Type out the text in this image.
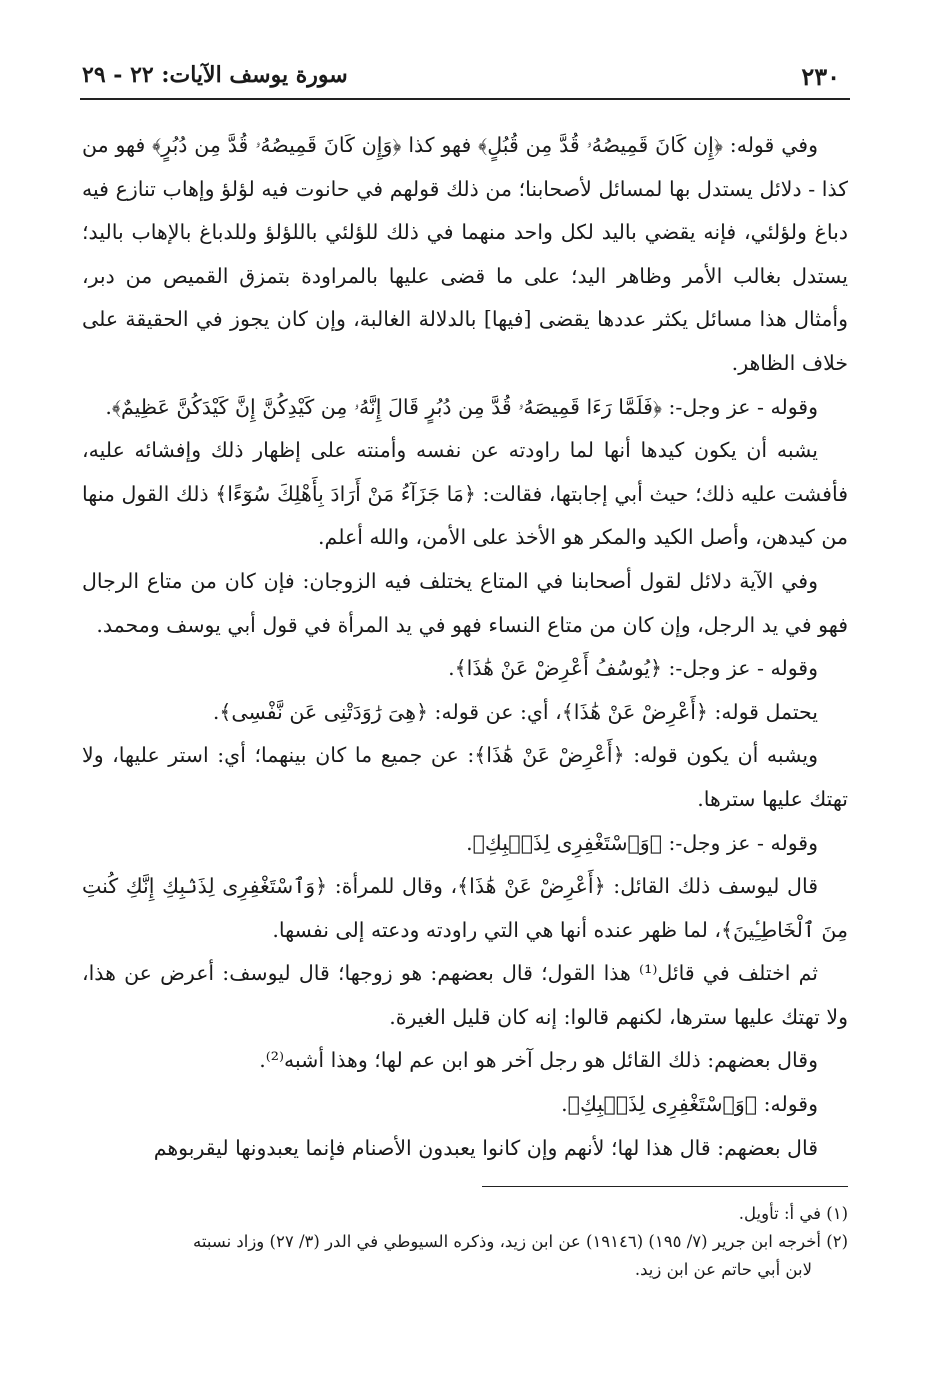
٢٣٠
سورة يوسف الآيات: ٢٢ - ٢٩

وفي قوله: ﴿إِن كَانَ قَمِيصُهُۥ قُدَّ مِن قُبُلٍ﴾ فهو كذا ﴿وَإِن كَانَ قَمِيصُهُۥ قُدَّ مِن دُبُرٍ﴾ فهو من كذا - دلائل يستدل بها لمسائل لأصحابنا؛ من ذلك قولهم في حانوت فيه لؤلؤ وإهاب تنازع فيه دباغ ولؤلئي، فإنه يقضي باليد لكل واحد منهما في ذلك للؤلئي باللؤلؤ وللدباغ بالإهاب باليد؛ يستدل بغالب الأمر وظاهر اليد؛ على ما قضى عليها بالمراودة بتمزق القميص من دبر، وأمثال هذا مسائل يكثر عددها يقضى [فيها] بالدلالة الغالبة، وإن كان يجوز في الحقيقة على خلاف الظاهر.

وقوله - عز وجل-: ﴿فَلَمَّا رَءَا قَمِيصَهُۥ قُدَّ مِن دُبُرٍ قَالَ إِنَّهُۥ مِن كَيْدِكُنَّ إِنَّ كَيْدَكُنَّ عَظِيمٌ﴾.

يشبه أن يكون كيدها أنها لما راودته عن نفسه وأمنته على إظهار ذلك وإفشائه عليه، فأفشت عليه ذلك؛ حيث أبي إجابتها، فقالت: ﴿مَا جَزَآءُ مَنْ أَرَادَ بِأَهْلِكَ سُوٓءًا﴾ ذلك القول منها من كيدهن، وأصل الكيد والمكر هو الأخذ على الأمن، والله أعلم.

وفي الآية دلائل لقول أصحابنا في المتاع يختلف فيه الزوجان: فإن كان من متاع الرجال فهو في يد الرجل، وإن كان من متاع النساء فهو في يد المرأة في قول أبي يوسف ومحمد.

وقوله - عز وجل-: ﴿يُوسُفُ أَعْرِضْ عَنْ هَٰذَا﴾.

يحتمل قوله: ﴿أَعْرِضْ عَنْ هَٰذَا﴾، أي: عن قوله: ﴿هِىَ رَٰوَدَتْنِى عَن نَّفْسِى﴾.

ويشبه أن يكون قوله: ﴿أَعْرِضْ عَنْ هَٰذَا﴾: عن جميع ما كان بينهما؛ أي: استر عليها، ولا تهتك عليها سترها.

وقوله - عز وجل-: ﴿وَٱسْتَغْفِرِى لِذَنۢبِكِ﴾.

قال ليوسف ذلك القائل: ﴿أَعْرِضْ عَنْ هَٰذَا﴾، وقال للمرأة: ﴿وَٱسْتَغْفِرِى لِذَنۢبِكِ إِنَّكِ كُنتِ مِنَ ٱلْخَاطِـِٔينَ﴾، لما ظهر عنده أنها هي التي راودته ودعته إلى نفسها.

ثم اختلف في قائل⁽¹⁾ هذا القول؛ قال بعضهم: هو زوجها؛ قال ليوسف: أعرض عن هذا، ولا تهتك عليها سترها، لكنهم قالوا: إنه كان قليل الغيرة.

وقال بعضهم: ذلك القائل هو رجل آخر هو ابن عم لها؛ وهذا أشبه⁽²⁾.

وقوله: ﴿وَٱسْتَغْفِرِى لِذَنۢبِكِ﴾.

قال بعضهم: قال هذا لها؛ لأنهم وإن كانوا يعبدون الأصنام فإنما يعبدونها ليقربوهم

(١) في أ: تأويل.

(٢) أخرجه ابن جرير (٧/ ١٩٥) (١٩١٤٦) عن ابن زيد، وذكره السيوطي في الدر (٣/ ٢٧) وزاد نسبته

لابن أبي حاتم عن ابن زيد.
